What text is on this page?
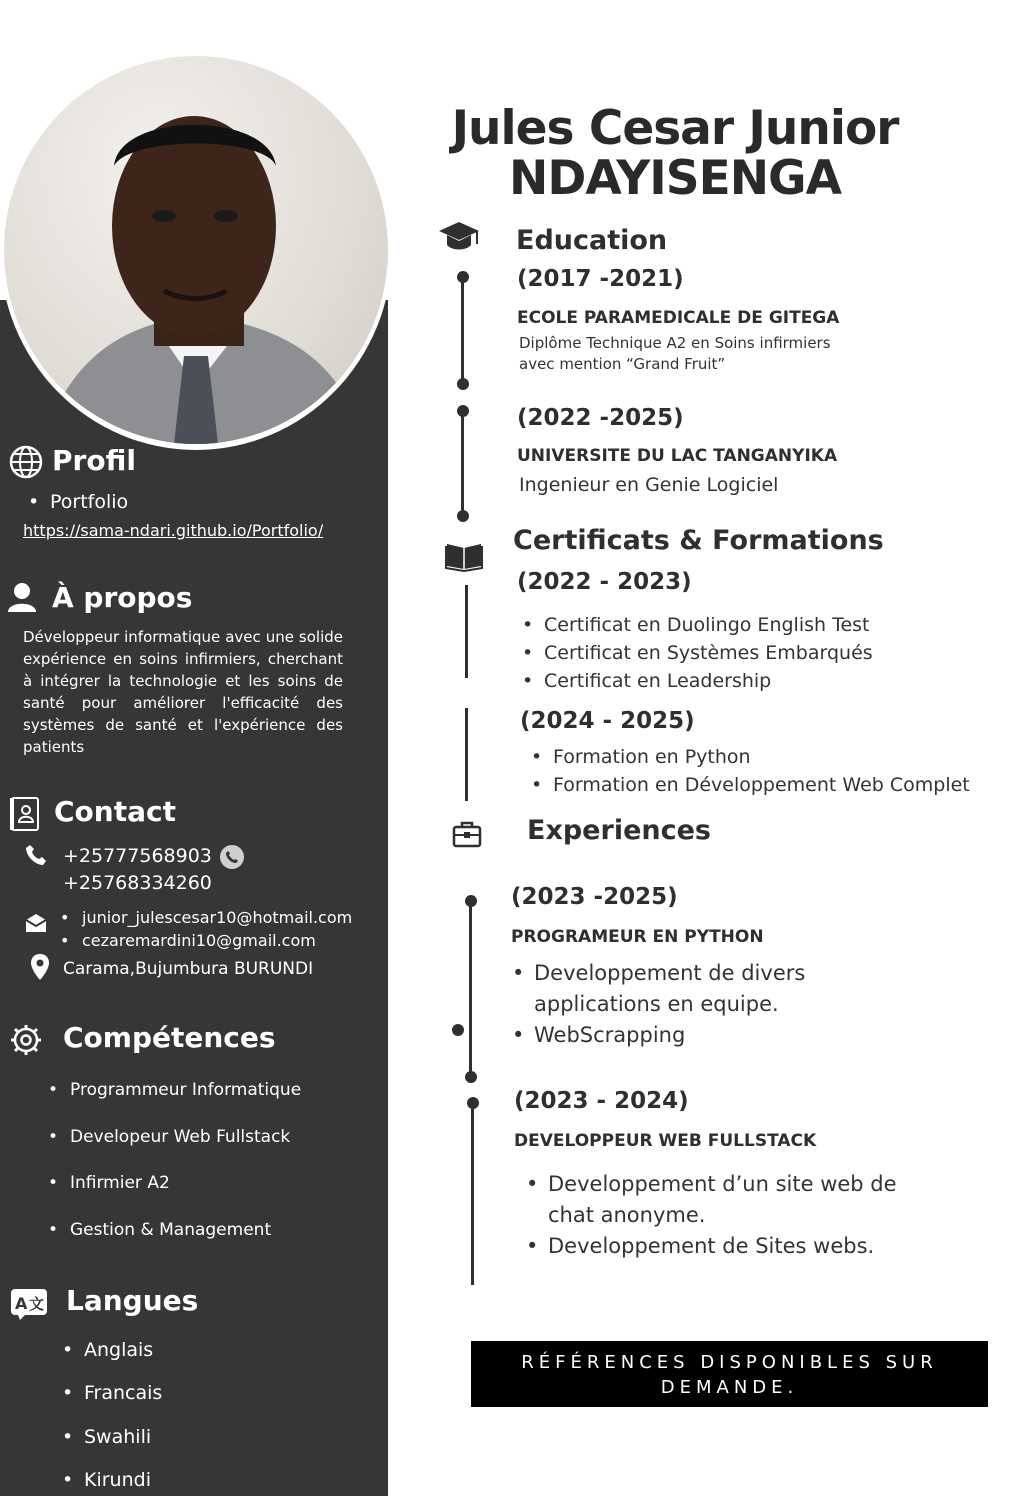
Profil
• Portfolio
https://sama-ndari.github.io/Portfolio/
À propos
Développeur informatique avec une solide expérience en soins infirmiers, cherchant à intégrer la technologie et les soins de santé pour améliorer l'efficacité des systèmes de santé et l'expérience des patients
Contact
+25777568903
+25768334260
• junior_julescesar10@hotmail.com
• cezaremardini10@gmail.com
Carama,Bujumbura BURUNDI
Compétences
• Programmeur Informatique
• Developeur Web Fullstack
• Infirmier A2
• Gestion & Management
A 文 Langues
• Anglais
• Francais
• Swahili
• Kirundi
Jules Cesar Junior
NDAYISENGA
Education
(2017 -2021)
ECOLE PARAMEDICALE DE GITEGA
Diplôme Technique A2 en Soins infirmiers
avec mention “Grand Fruit”
(2022 -2025)
UNIVERSITE DU LAC TANGANYIKA
Ingenieur en Genie Logiciel
Certificats & Formations
(2022 - 2023)
• Certificat en Duolingo English Test
• Certificat en Systèmes Embarqués
• Certificat en Leadership
(2024 - 2025)
• Formation en Python
• Formation en Développement Web Complet
Experiences
(2023 -2025)
PROGRAMEUR EN PYTHON
• Developpement de divers applications en equipe.
• WebScrapping
(2023 - 2024)
DEVELOPPEUR WEB FULLSTACK
• Developpement d’un site web de chat anonyme.
• Developpement de Sites webs.
RÉFÉRENCES DISPONIBLES SUR
DEMANDE.
